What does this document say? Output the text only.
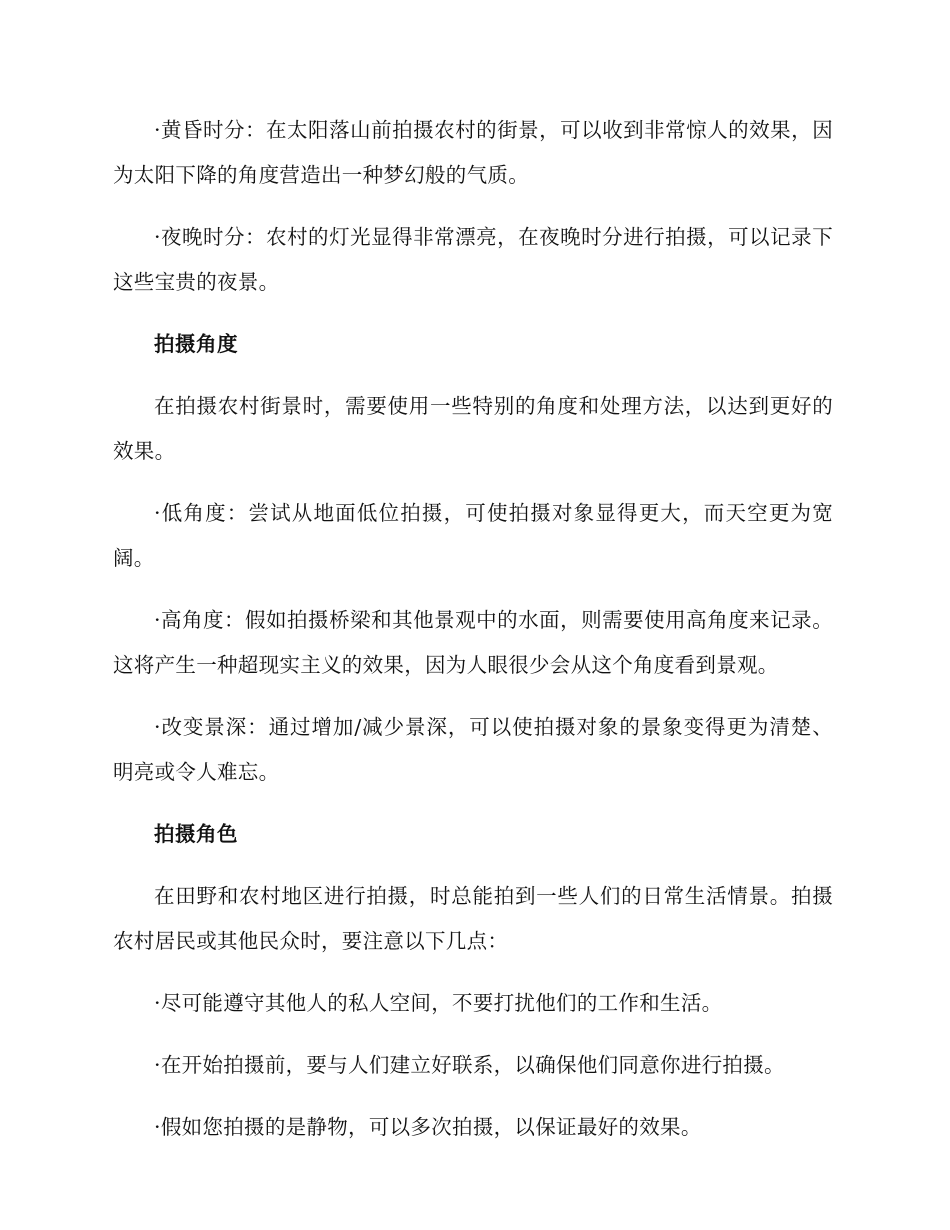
·黄昏时分：在太阳落山前拍摄农村的街景，可以收到非常惊人的效果，因为太阳下降的角度营造出一种梦幻般的气质。

·夜晚时分：农村的灯光显得非常漂亮，在夜晚时分进行拍摄，可以记录下这些宝贵的夜景。

拍摄角度

在拍摄农村街景时，需要使用一些特别的角度和处理方法，以达到更好的效果。

·低角度：尝试从地面低位拍摄，可使拍摄对象显得更大，而天空更为宽阔。

·高角度：假如拍摄桥梁和其他景观中的水面，则需要使用高角度来记录。这将产生一种超现实主义的效果，因为人眼很少会从这个角度看到景观。

·改变景深：通过增加/减少景深，可以使拍摄对象的景象变得更为清楚、明亮或令人难忘。

拍摄角色

在田野和农村地区进行拍摄，时总能拍到一些人们的日常生活情景。拍摄农村居民或其他民众时，要注意以下几点：

·尽可能遵守其他人的私人空间，不要打扰他们的工作和生活。

·在开始拍摄前，要与人们建立好联系，以确保他们同意你进行拍摄。

·假如您拍摄的是静物，可以多次拍摄，以保证最好的效果。
